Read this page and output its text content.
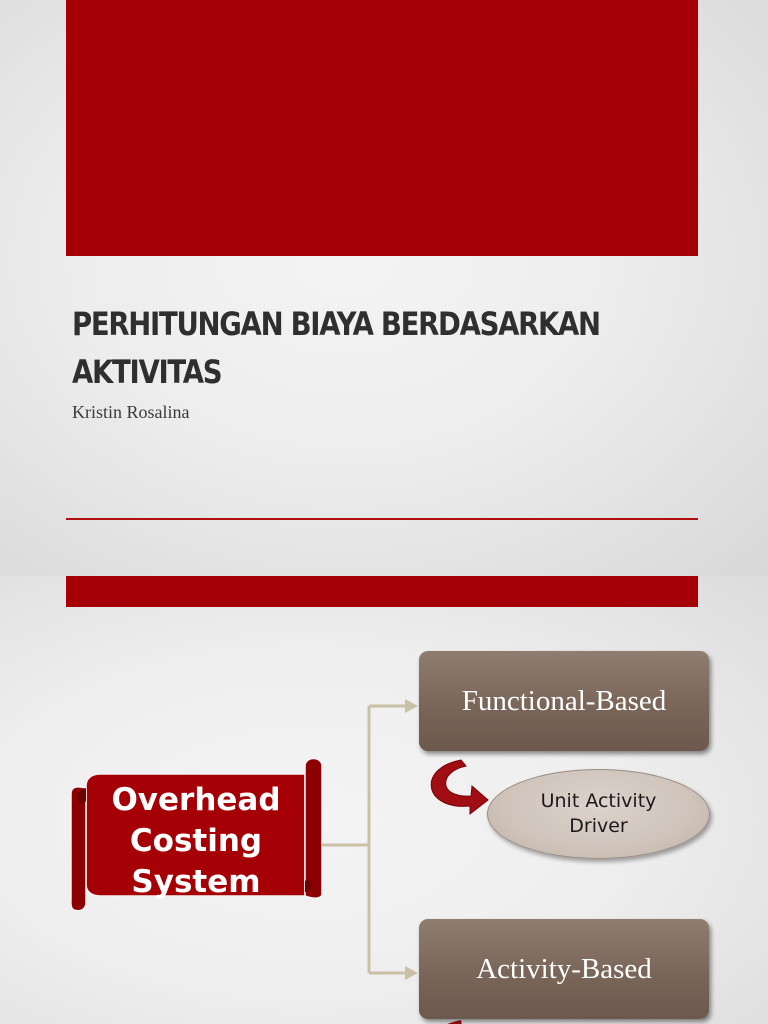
PERHITUNGAN BIAYA BERDASARKAN
AKTIVITAS

Kristin Rosalina

Overhead
Costing
System

Functional-Based
Unit Activity
Driver
Activity-Based
